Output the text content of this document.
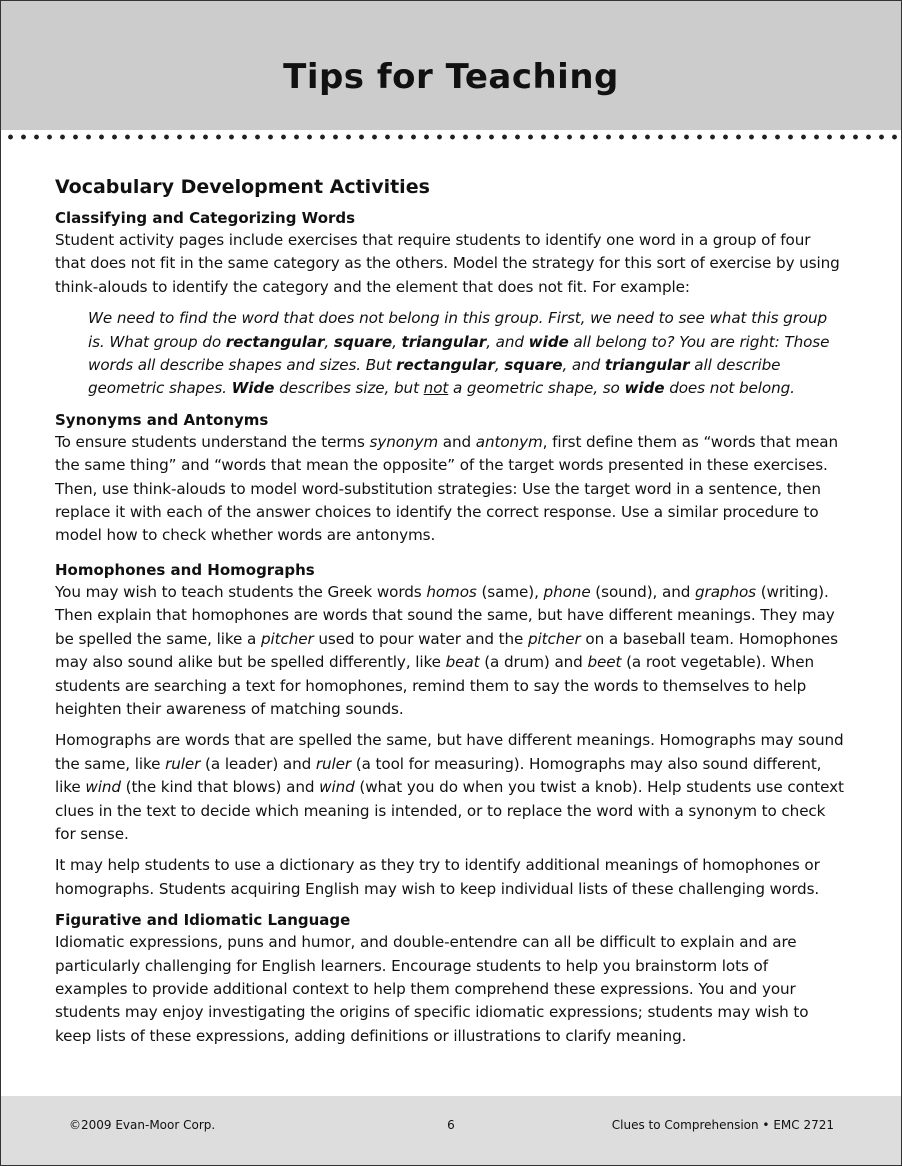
Tips for Teaching
Vocabulary Development Activities
Classifying and Categorizing Words

Student activity pages include exercises that require students to identify one word in a group of four that does not fit in the same category as the others. Model the strategy for this sort of exercise by using think-alouds to identify the category and the element that does not fit. For example:

We need to find the word that does not belong in this group. First, we need to see what this group is. What group do rectangular, square, triangular, and wide all belong to? You are right: Those words all describe shapes and sizes. But rectangular, square, and triangular all describe geometric shapes. Wide describes size, but not a geometric shape, so wide does not belong.

Synonyms and Antonyms

To ensure students understand the terms synonym and antonym, first define them as “words that mean the same thing” and “words that mean the opposite” of the target words presented in these exercises. Then, use think-alouds to model word-substitution strategies: Use the target word in a sentence, then replace it with each of the answer choices to identify the correct response. Use a similar procedure to model how to check whether words are antonyms.

Homophones and Homographs

You may wish to teach students the Greek words homos (same), phone (sound), and graphos (writing). Then explain that homophones are words that sound the same, but have different meanings. They may be spelled the same, like a pitcher used to pour water and the pitcher on a baseball team. Homophones may also sound alike but be spelled differently, like beat (a drum) and beet (a root vegetable). When students are searching a text for homophones, remind them to say the words to themselves to help heighten their awareness of matching sounds.

Homographs are words that are spelled the same, but have different meanings. Homographs may sound the same, like ruler (a leader) and ruler (a tool for measuring). Homographs may also sound different, like wind (the kind that blows) and wind (what you do when you twist a knob). Help students use context clues in the text to decide which meaning is intended, or to replace the word with a synonym to check for sense.

It may help students to use a dictionary as they try to identify additional meanings of homophones or homographs. Students acquiring English may wish to keep individual lists of these challenging words.

Figurative and Idiomatic Language

Idiomatic expressions, puns and humor, and double-entendre can all be difficult to explain and are particularly challenging for English learners. Encourage students to help you brainstorm lots of examples to provide additional context to help them comprehend these expressions. You and your students may enjoy investigating the origins of specific idiomatic expressions; students may wish to keep lists of these expressions, adding definitions or illustrations to clarify meaning.

©2009 Evan-Moor Corp.	6	Clues to Comprehension • EMC 2721
